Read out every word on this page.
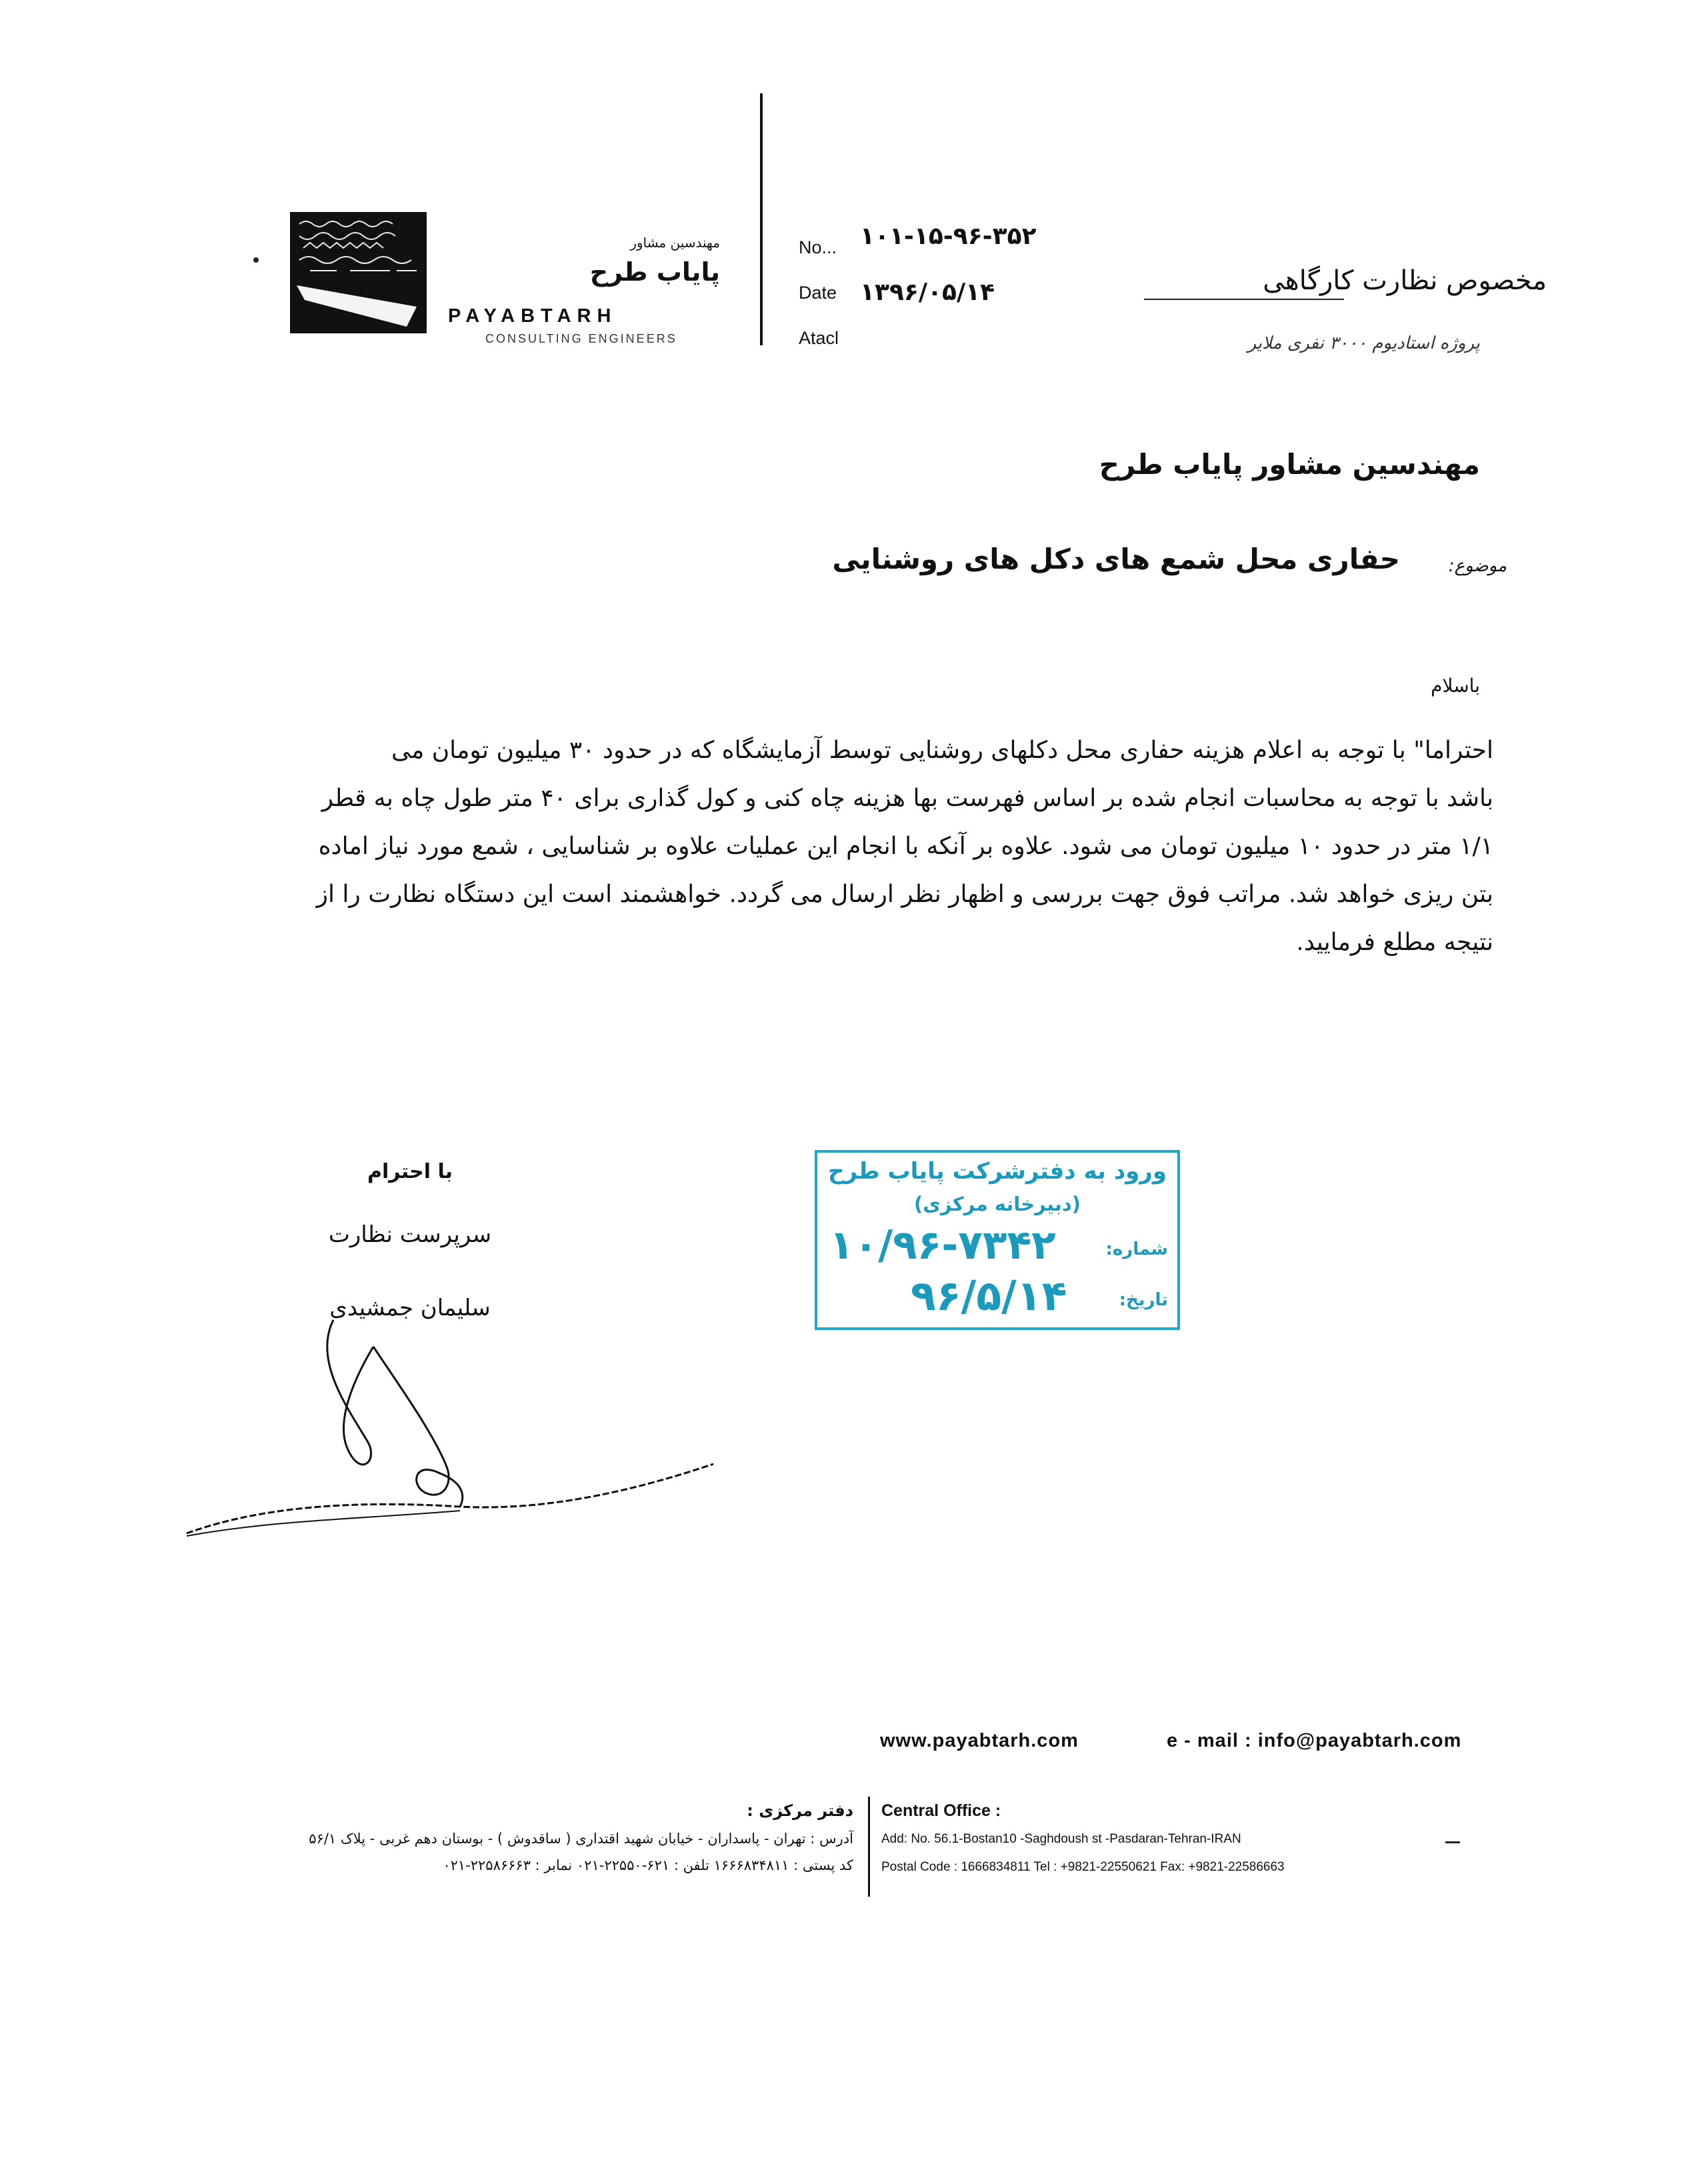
مهندسین مشاور
پایاب طرح
PAYABTARH
CONSULTING ENGINEERS
No... ۱۰۱-۱۵-۹۶-۳۵۲
Date ۱۳۹۶/۰۵/۱۴
Atacl
مخصوص نظارت کارگاهی
پروژه استادیوم ۳۰۰۰ نفری ملایر
مهندسین مشاور پایاب طرح
موضوع:
حفاری محل شمع های دکل های روشنایی
باسلام
احتراما" با توجه به اعلام هزینه حفاری محل دکلهای روشنایی توسط آزمایشگاه که در حدود ۳۰ میلیون تومان می
باشد با توجه به محاسبات انجام شده بر اساس فهرست بها هزینه چاه کنی و کول گذاری برای ۴۰ متر طول چاه به قطر
۱/۱ متر در حدود ۱۰ میلیون تومان می شود. علاوه بر آنکه با انجام این عملیات علاوه بر شناسایی ، شمع مورد نیاز اماده
بتن ریزی خواهد شد. مراتب فوق جهت بررسی و اظهار نظر ارسال می گردد. خواهشمند است این دستگاه نظارت را از
نتیجه مطلع فرمایید.
با احترام
سرپرست نظارت
سلیمان جمشیدی
ورود به دفترشرکت پایاب طرح
(دبیرخانه مرکزی)
شماره:
۱۰/۹۶-۷۳۴۲
تاریخ:
۹۶/۵/۱۴
www.payabtarh.com	e - mail : info@payabtarh.com
دفتر مرکزی :
آدرس : تهران - پاسداران - خیابان شهید اقتداری ( ساقدوش ) - بوستان دهم غربی - پلاک ۵۶/۱
کد پستی : ۱۶۶۶۸۳۴۸۱۱ تلفن : ۶۲۱-۲۲۵۵۰-۰۲۱ نمابر : ۲۲۵۸۶۶۶۳-۰۲۱
Central Office :
Add: No. 56.1-Bostan10 -Saghdoush st -Pasdaran-Tehran-IRAN
Postal Code : 1666834811 Tel : +9821-22550621 Fax: +9821-22586663
